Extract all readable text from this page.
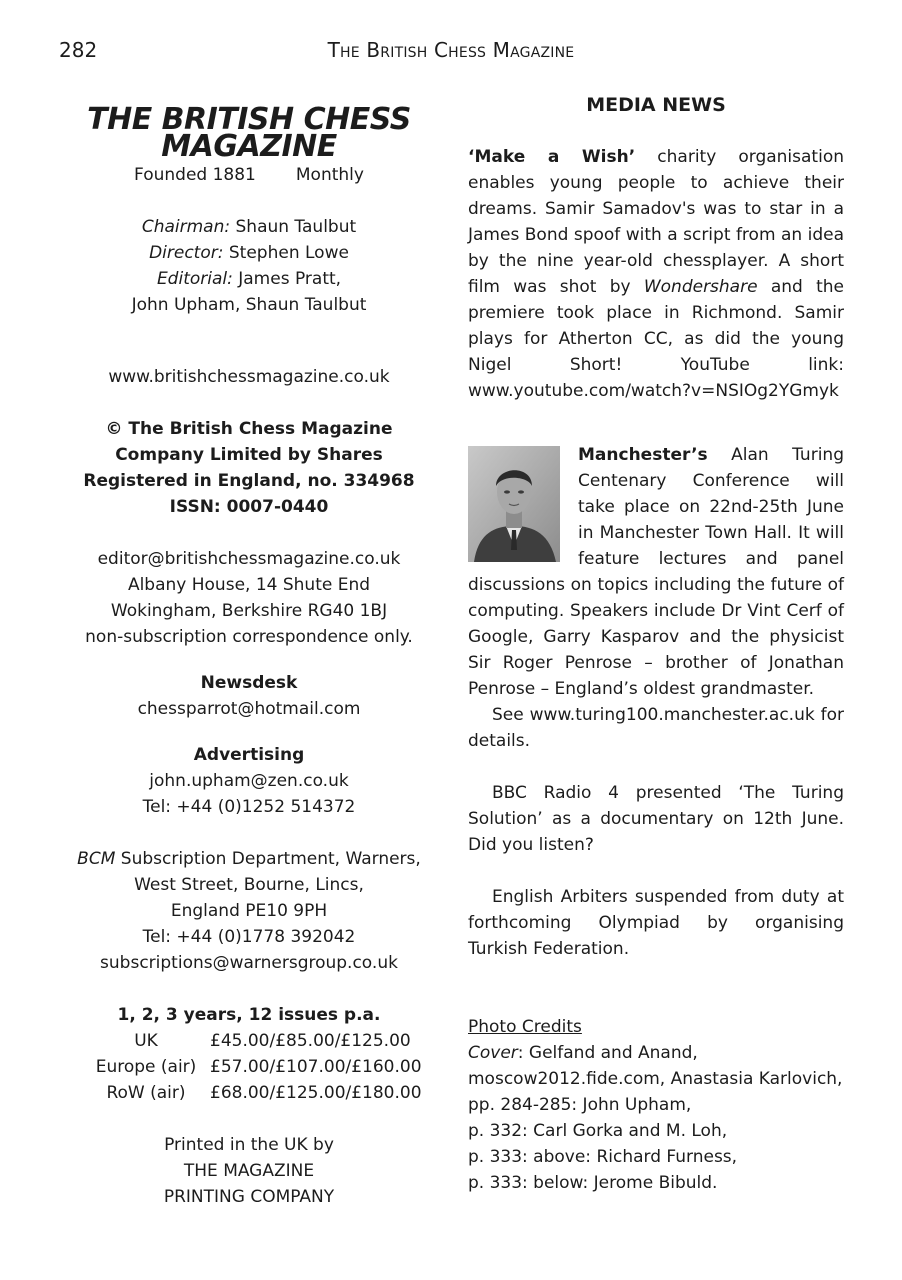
282	The British Chess Magazine
THE BRITISH CHESS
MAGAZINE
Founded 1881 Monthly
Chairman: Shaun Taulbut
Director: Stephen Lowe
Editorial: James Pratt,
John Upham, Shaun Taulbut
www.britishchessmagazine.co.uk
© The British Chess Magazine
Company Limited by Shares
Registered in England, no. 334968
ISSN: 0007-0440
editor@britishchessmagazine.co.uk
Albany House, 14 Shute End
Wokingham, Berkshire RG40 1BJ
non-subscription correspondence only.
Newsdesk
chessparrot@hotmail.com
Advertising
john.upham@zen.co.uk
Tel: +44 (0)1252 514372
BCM Subscription Department, Warners,
West Street, Bourne, Lincs,
England PE10 9PH
Tel: +44 (0)1778 392042
subscriptions@warnersgroup.co.uk
1, 2, 3 years, 12 issues p.a.
UK	£45.00/£85.00/£125.00
Europe (air) £57.00/£107.00/£160.00
RoW (air)	£68.00/£125.00/£180.00
Printed in the UK by
THE MAGAZINE
PRINTING COMPANY
MEDIA NEWS

‘Make a Wish’ charity organisation enables young people to achieve their dreams. Samir Samadov's was to star in a James Bond spoof with a script from an idea by the nine year-old chessplayer. A short film was shot by Wondershare and the premiere took place in Richmond. Samir plays for Atherton CC, as did the young Nigel Short! YouTube link: www.youtube.com/watch?v=NSIOg2YGmyk

Manchester’s Alan Turing Centenary Conference will take place on 22nd-25th June in Manchester Town Hall. It will feature lectures and panel discussions on topics including the future of computing. Speakers include Dr Vint Cerf of Google, Garry Kasparov and the physicist Sir Roger Penrose – brother of Jonathan Penrose – England’s oldest grandmaster.

See www.turing100.manchester.ac.uk for details.

BBC Radio 4 presented ‘The Turing Solution’ as a documentary on 12th June. Did you listen?

English Arbiters suspended from duty at forthcoming Olympiad by organising Turkish Federation.

Photo Credits
Cover: Gelfand and Anand,
moscow2012.fide.com, Anastasia Karlovich,
pp. 284-285: John Upham,
p. 332: Carl Gorka and M. Loh,
p. 333: above: Richard Furness,
p. 333: below: Jerome Bibuld.
